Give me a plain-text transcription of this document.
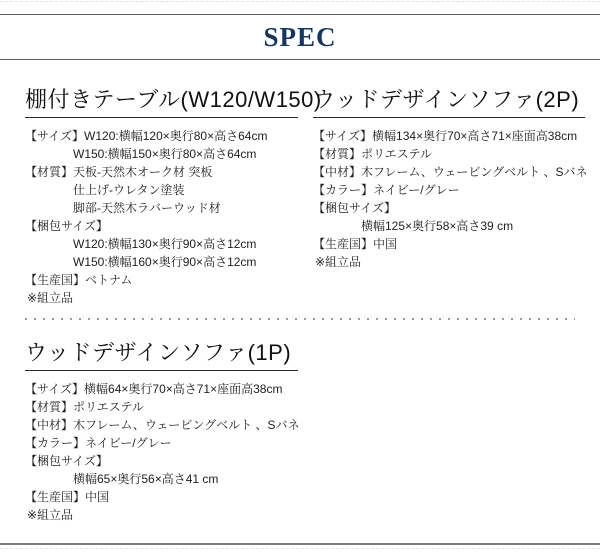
SPEC
棚付きテーブル(W120/W150)
【サイズ】W120:横幅120×奥行80×高さ64cm
W150:横幅150×奥行80×高さ64cm
【材質】天板-天然木オーク材 突板
仕上げ-ウレタン塗装
脚部-天然木ラバーウッド材
【梱包サイズ】
W120:横幅130×奥行90×高さ12cm
W150:横幅160×奥行90×高さ12cm
【生産国】ベトナム
※組立品
ウッドデザインソファ(2P)
【サイズ】横幅134×奥行70×高さ71×座面高38cm
【材質】ポリエステル
【中材】木フレーム、ウェービングベルト 、Sバネ
【カラー】ネイビー/グレー
【梱包サイズ】
横幅125×奥行58×高さ39 cm
【生産国】中国
※組立品
ウッドデザインソファ(1P)
【サイズ】横幅64×奥行70×高さ71×座面高38cm
【材質】ポリエステル
【中材】木フレーム、ウェービングベルト 、Sバネ
【カラー】ネイビー/グレー
【梱包サイズ】
横幅65×奥行56×高さ41 cm
【生産国】中国
※組立品
